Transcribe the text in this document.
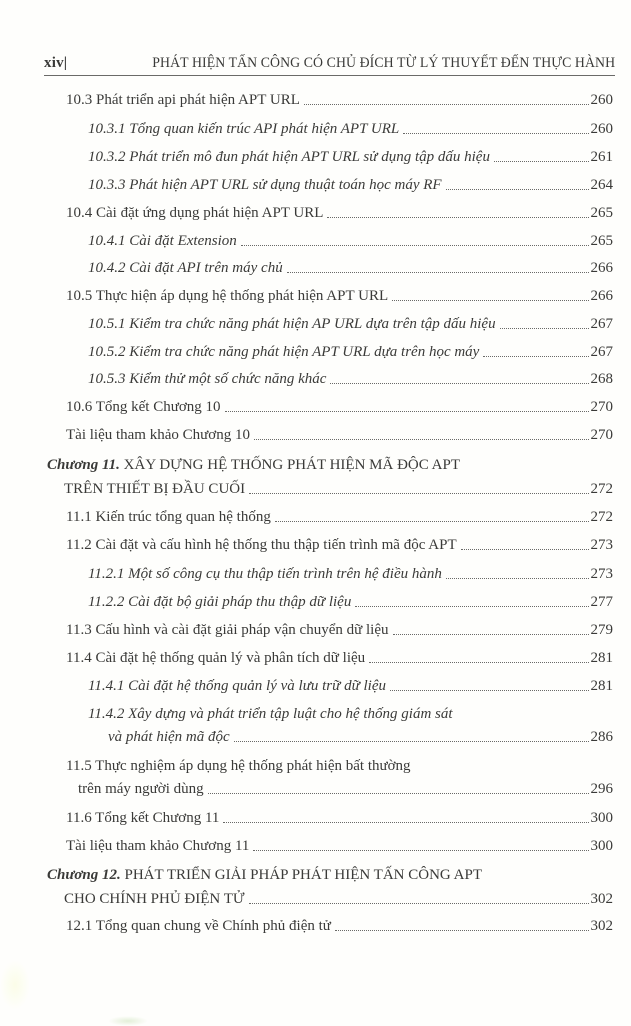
xiv|	PHÁT HIỆN TẤN CÔNG CÓ CHỦ ĐÍCH TỪ LÝ THUYẾT ĐẾN THỰC HÀNH
10.3 Phát triển api phát hiện APT URL	260
10.3.1 Tổng quan kiến trúc API phát hiện APT URL	260
10.3.2 Phát triển mô đun phát hiện APT URL sử dụng tập dấu hiệu	261
10.3.3 Phát hiện APT URL sử dụng thuật toán học máy RF	264
10.4 Cài đặt ứng dụng phát hiện APT URL	265
10.4.1 Cài đặt Extension	265
10.4.2 Cài đặt API trên máy chủ	266
10.5 Thực hiện áp dụng hệ thống phát hiện APT URL	266
10.5.1 Kiểm tra chức năng phát hiện AP URL dựa trên tập dấu hiệu	267
10.5.2 Kiểm tra chức năng phát hiện APT URL dựa trên học máy	267
10.5.3 Kiểm thử một số chức năng khác	268
10.6 Tổng kết Chương 10	270
Tài liệu tham khảo Chương 10	270
Chương 11. XÂY DỰNG HỆ THỐNG PHÁT HIỆN MÃ ĐỘC APT
TRÊN THIẾT BỊ ĐẦU CUỐI	272
11.1 Kiến trúc tổng quan hệ thống	272
11.2 Cài đặt và cấu hình hệ thống thu thập tiến trình mã độc APT	273
11.2.1 Một số công cụ thu thập tiến trình trên hệ điều hành	273
11.2.2 Cài đặt bộ giải pháp thu thập dữ liệu	277
11.3 Cấu hình và cài đặt giải pháp vận chuyển dữ liệu	279
11.4 Cài đặt hệ thống quản lý và phân tích dữ liệu	281
11.4.1 Cài đặt hệ thống quản lý và lưu trữ dữ liệu	281
11.4.2 Xây dựng và phát triển tập luật cho hệ thống giám sát
và phát hiện mã độc	286
11.5 Thực nghiệm áp dụng hệ thống phát hiện bất thường
trên máy người dùng	296
11.6 Tổng kết Chương 11	300
Tài liệu tham khảo Chương 11	300
Chương 12. PHÁT TRIỂN GIẢI PHÁP PHÁT HIỆN TẤN CÔNG APT
CHO CHÍNH PHỦ ĐIỆN TỬ	302
12.1 Tổng quan chung về Chính phủ điện tử	302
